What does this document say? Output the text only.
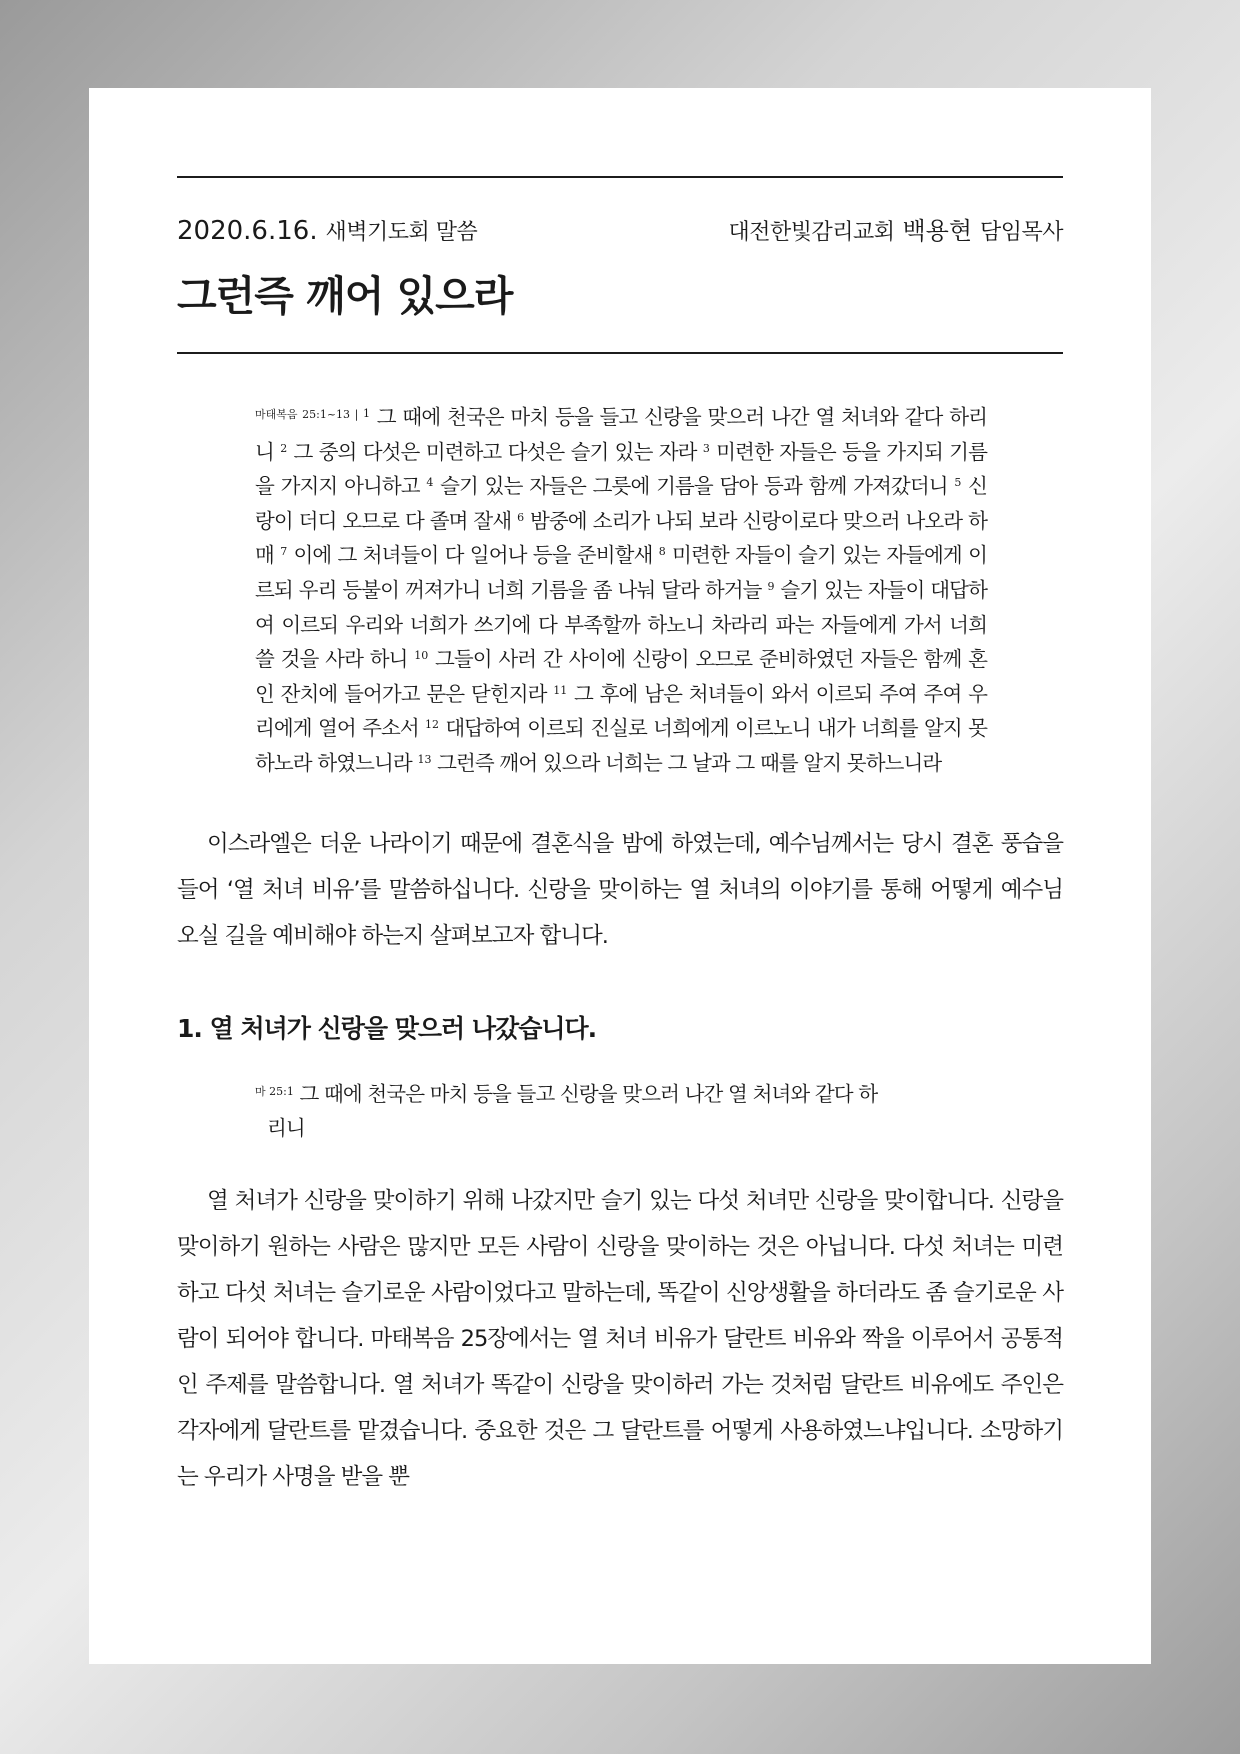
2020.6.16. 새벽기도회 말씀	대전한빛감리교회 백용현 담임목사
그런즉 깨어 있으라
$^{마태복음 25:1\sim 13 |}$ $^1$ 그 때에 천국은 마치 등을 들고 신랑을 맞으러 나간 열 처녀와 같다 하리니 $^2$ 그 중의 다섯은 미련하고 다섯은 슬기 있는 자라 $^3$ 미련한 자들은 등을 가지되 기름을 가지지 아니하고 $^4$ 슬기 있는 자들은 그릇에 기름을 담아 등과 함께 가져갔더니 $^5$ 신랑이 더디 오므로 다 졸며 잘새 $^6$ 밤중에 소리가 나되 보라 신랑이로다 맞으러 나오라 하매 $^7$ 이에 그 처녀들이 다 일어나 등을 준비할새 $^8$ 미련한 자들이 슬기 있는 자들에게 이르되 우리 등불이 꺼져가니 너희 기름을 좀 나눠 달라 하거늘 $^9$ 슬기 있는 자들이 대답하여 이르되 우리와 너희가 쓰기에 다 부족할까 하노니 차라리 파는 자들에게 가서 너희 쓸 것을 사라 하니 $^{10}$ 그들이 사러 간 사이에 신랑이 오므로 준비하였던 자들은 함께 혼인 잔치에 들어가고 문은 닫힌지라 $^{11}$ 그 후에 남은 처녀들이 와서 이르되 주여 주여 우리에게 열어 주소서 $^{12}$ 대답하여 이르되 진실로 너희에게 이르노니 내가 너희를 알지 못하노라 하였느니라 $^{13}$ 그런즉 깨어 있으라 너희는 그 날과 그 때를 알지 못하느니라

이스라엘은 더운 나라이기 때문에 결혼식을 밤에 하였는데, 예수님께서는 당시 결혼 풍습을 들어 ‘열 처녀 비유’를 말씀하십니다. 신랑을 맞이하는 열 처녀의 이야기를 통해 어떻게 예수님 오실 길을 예비해야 하는지 살펴보고자 합니다.

1. 열 처녀가 신랑을 맞으러 나갔습니다.
$^{마 25:1}$ 그 때에 천국은 마치 등을 들고 신랑을 맞으러 나간 열 처녀와 같다 하
리니

열 처녀가 신랑을 맞이하기 위해 나갔지만 슬기 있는 다섯 처녀만 신랑을 맞이합니다. 신랑을 맞이하기 원하는 사람은 많지만 모든 사람이 신랑을 맞이하는 것은 아닙니다. 다섯 처녀는 미련하고 다섯 처녀는 슬기로운 사람이었다고 말하는데, 똑같이 신앙생활을 하더라도 좀 슬기로운 사람이 되어야 합니다. 마태복음 25장에서는 열 처녀 비유가 달란트 비유와 짝을 이루어서 공통적인 주제를 말씀합니다. 열 처녀가 똑같이 신랑을 맞이하러 가는 것처럼 달란트 비유에도 주인은 각자에게 달란트를 맡겼습니다. 중요한 것은 그 달란트를 어떻게 사용하였느냐입니다. 소망하기는 우리가 사명을 받을 뿐
